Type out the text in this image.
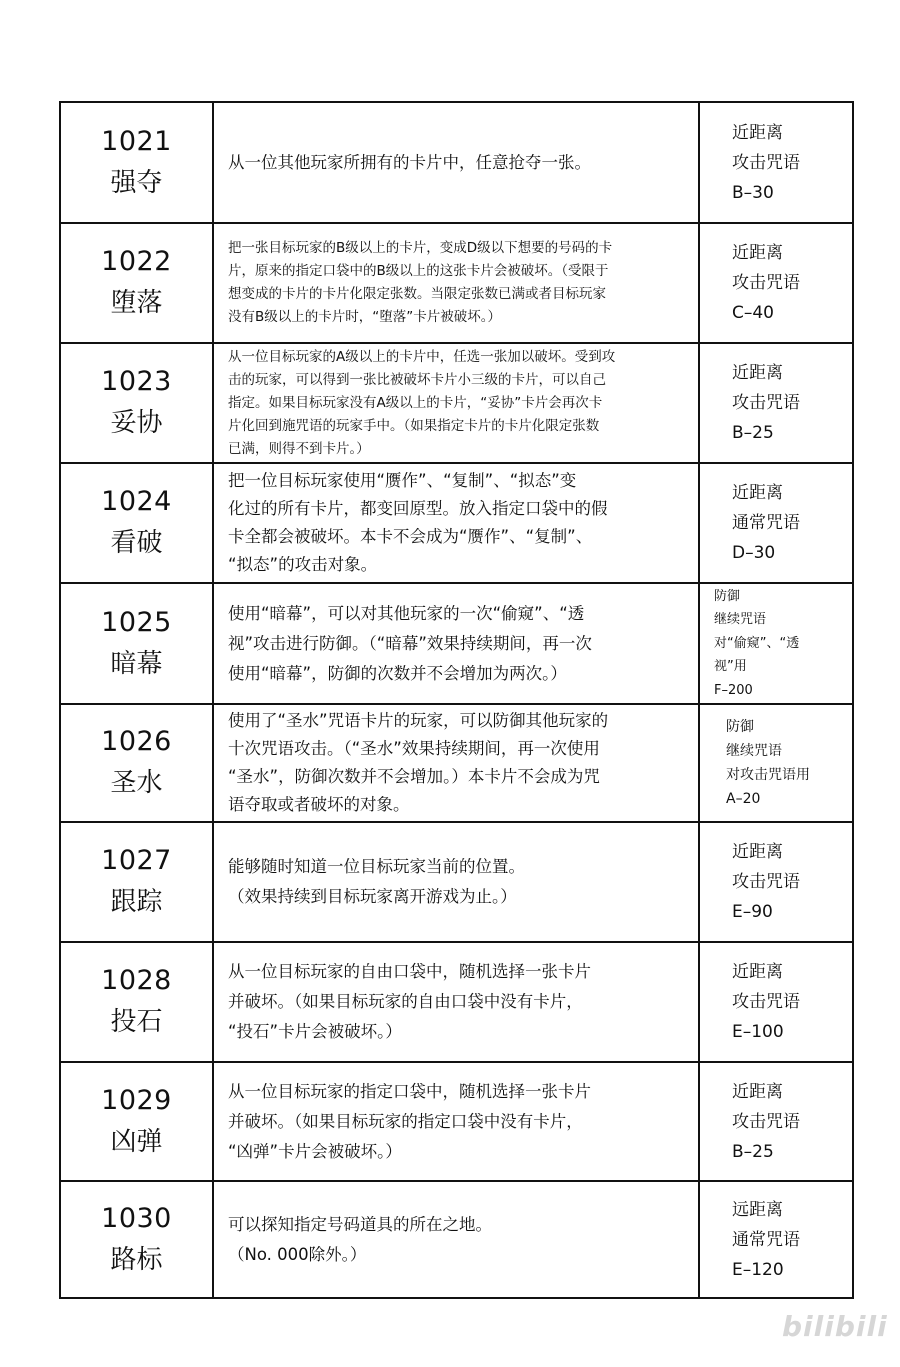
1021
强夺
从一位其他玩家所拥有的卡片中，任意抢夺一张。
近距离
攻击咒语
B–30
1022
堕落
把一张目标玩家的B级以上的卡片，变成D级以下想要的号码的卡
片，原来的指定口袋中的B级以上的这张卡片会被破坏。（受限于
想变成的卡片的卡片化限定张数。当限定张数已满或者目标玩家
没有B级以上的卡片时，“堕落”卡片被破坏。）
近距离
攻击咒语
C–40
1023
妥协
从一位目标玩家的A级以上的卡片中，任选一张加以破坏。受到攻
击的玩家，可以得到一张比被破坏卡片小三级的卡片，可以自己
指定。如果目标玩家没有A级以上的卡片，“妥协”卡片会再次卡
片化回到施咒语的玩家手中。（如果指定卡片的卡片化限定张数
已满，则得不到卡片。）
近距离
攻击咒语
B–25
1024
看破
把一位目标玩家使用“赝作”、“复制”、“拟态”变
化过的所有卡片，都变回原型。放入指定口袋中的假
卡全都会被破坏。本卡不会成为“赝作”、“复制”、
“拟态”的攻击对象。
近距离
通常咒语
D–30
1025
暗幕
使用“暗幕”，可以对其他玩家的一次“偷窥”、“透
视”攻击进行防御。（“暗幕”效果持续期间，再一次
使用“暗幕”，防御的次数并不会增加为两次。）
防御
继续咒语
对“偷窥”、“透
视”用
F–200
1026
圣水
使用了“圣水”咒语卡片的玩家，可以防御其他玩家的
十次咒语攻击。（“圣水”效果持续期间，再一次使用
“圣水”，防御次数并不会增加。）本卡片不会成为咒
语夺取或者破坏的对象。
防御
继续咒语
对攻击咒语用
A–20
1027
跟踪
能够随时知道一位目标玩家当前的位置。
（效果持续到目标玩家离开游戏为止。）
近距离
攻击咒语
E–90
1028
投石
从一位目标玩家的自由口袋中，随机选择一张卡片
并破坏。（如果目标玩家的自由口袋中没有卡片，
“投石”卡片会被破坏。）
近距离
攻击咒语
E–100
1029
凶弹
从一位目标玩家的指定口袋中，随机选择一张卡片
并破坏。（如果目标玩家的指定口袋中没有卡片，
“凶弹”卡片会被破坏。）
近距离
攻击咒语
B–25
1030
路标
可以探知指定号码道具的所在之地。
（No. 000除外。）
远距离
通常咒语
E–120
bilibili
